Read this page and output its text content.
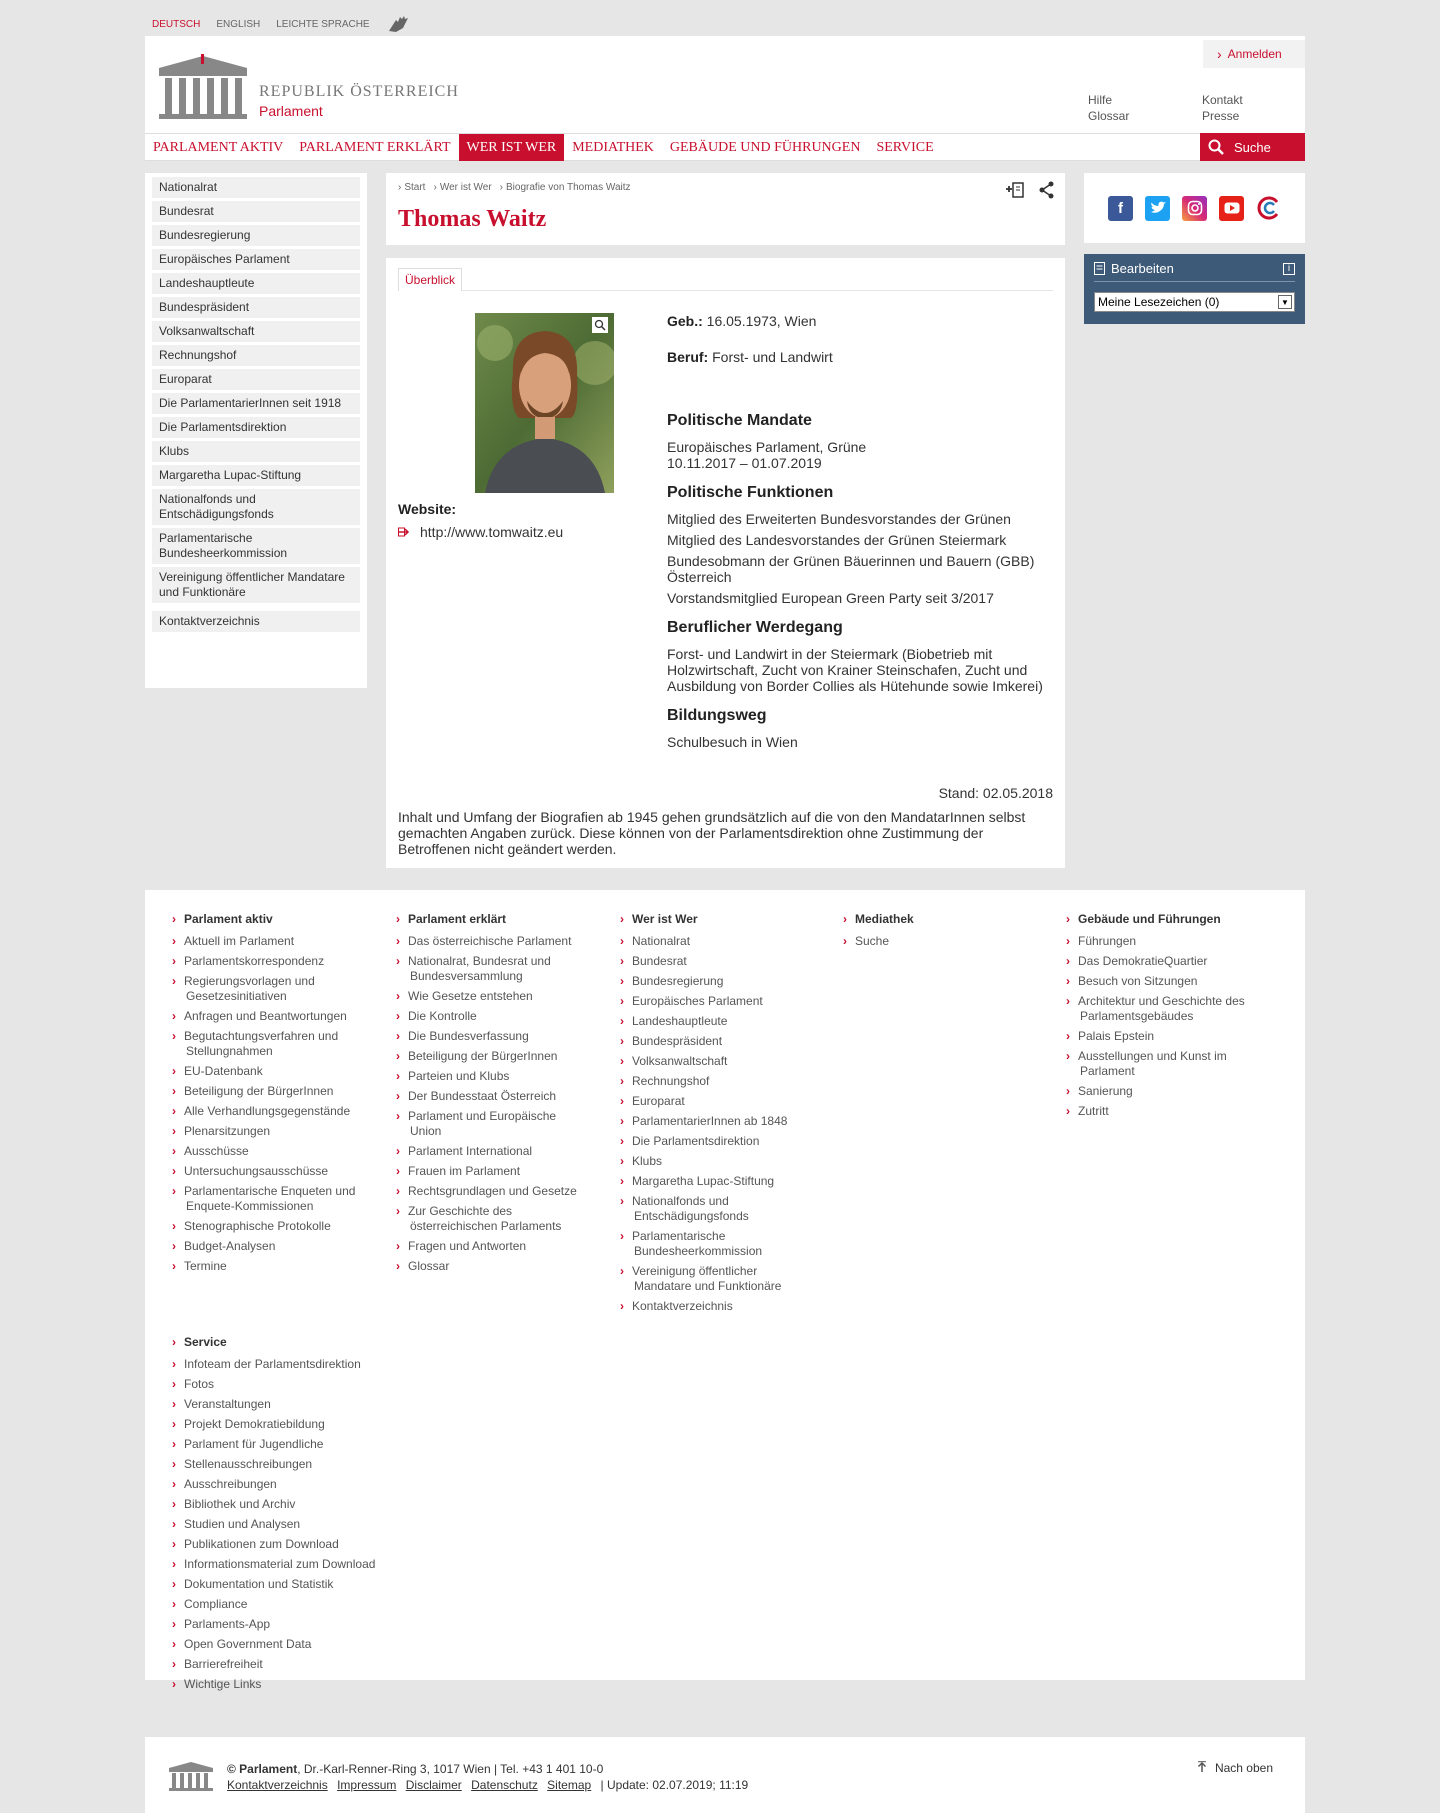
DEUTSCH ENGLISH LEICHTE SPRACHE
REPUBLIK ÖSTERREICH
Parlament
› Anmelden
Hilfe
Glossar
Kontakt
Presse
PARLAMENT AKTIV	PARLAMENT ERKLÄRT	WER IST WER	MEDIATHEK	GEBÄUDE UND FÜHRUNGEN	SERVICE	Suche
Nationalrat
Bundesrat
Bundesregierung
Europäisches Parlament
Landeshauptleute
Bundespräsident
Volksanwaltschaft
Rechnungshof
Europarat
Die ParlamentarierInnen seit 1918
Die Parlamentsdirektion
Klubs
Margaretha Lupac-Stiftung
Nationalfonds und Entschädigungsfonds
Parlamentarische Bundesheerkommission
Vereinigung öffentlicher Mandatare und Funktionäre
Kontaktverzeichnis
› Start	› Wer ist Wer	› Biografie von Thomas Waitz
Thomas Waitz
Überblick
Website:
http://www.tomwaitz.eu
Geb.: 16.05.1973, Wien
Beruf: Forst- und Landwirt
Politische Mandate
Europäisches Parlament, Grüne
10.11.2017 – 01.07.2019
Politische Funktionen
Mitglied des Erweiterten Bundesvorstandes der Grünen
Mitglied des Landesvorstandes der Grünen Steiermark
Bundesobmann der Grünen Bäuerinnen und Bauern (GBB) Österreich
Vorstandsmitglied European Green Party seit 3/2017
Beruflicher Werdegang
Forst- und Landwirt in der Steiermark (Biobetrieb mit Holzwirtschaft, Zucht von Krainer Steinschafen, Zucht und Ausbildung von Border Collies als Hütehunde sowie Imkerei)
Bildungsweg
Schulbesuch in Wien
Stand: 02.05.2018
Inhalt und Umfang der Biografien ab 1945 gehen grundsätzlich auf die von den MandatarInnen selbst gemachten Angaben zurück. Diese können von der Parlamentsdirektion ohne Zustimmung der Betroffenen nicht geändert werden.
f
Bearbeiten	i
Meine Lesezeichen (0)	▼
› Parlament aktiv
› Aktuell im Parlament
› Parlamentskorrespondenz
› Regierungsvorlagen und Gesetzesinitiativen
› Anfragen und Beantwortungen
› Begutachtungsverfahren und Stellungnahmen
› EU-Datenbank
› Beteiligung der BürgerInnen
› Alle Verhandlungsgegenstände
› Plenarsitzungen
› Ausschüsse
› Untersuchungsausschüsse
› Parlamentarische Enqueten und Enquete-Kommissionen
› Stenographische Protokolle
› Budget-Analysen
› Termine
› Parlament erklärt
› Das österreichische Parlament
› Nationalrat, Bundesrat und Bundesversammlung
› Wie Gesetze entstehen
› Die Kontrolle
› Die Bundesverfassung
› Beteiligung der BürgerInnen
› Parteien und Klubs
› Der Bundesstaat Österreich
› Parlament und Europäische Union
› Parlament International
› Frauen im Parlament
› Rechtsgrundlagen und Gesetze
› Zur Geschichte des österreichischen Parlaments
› Fragen und Antworten
› Glossar
› Wer ist Wer
› Nationalrat
› Bundesrat
› Bundesregierung
› Europäisches Parlament
› Landeshauptleute
› Bundespräsident
› Volksanwaltschaft
› Rechnungshof
› Europarat
› ParlamentarierInnen ab 1848
› Die Parlamentsdirektion
› Klubs
› Margaretha Lupac-Stiftung
› Nationalfonds und Entschädigungsfonds
› Parlamentarische Bundesheerkommission
› Vereinigung öffentlicher Mandatare und Funktionäre
› Kontaktverzeichnis
› Mediathek
› Suche
› Gebäude und Führungen
› Führungen
› Das DemokratieQuartier
› Besuch von Sitzungen
› Architektur und Geschichte des Parlamentsgebäudes
› Palais Epstein
› Ausstellungen und Kunst im Parlament
› Sanierung
› Zutritt
› Service
› Infoteam der Parlamentsdirektion
› Fotos
› Veranstaltungen
› Projekt Demokratiebildung
› Parlament für Jugendliche
› Stellenausschreibungen
› Ausschreibungen
› Bibliothek und Archiv
› Studien und Analysen
› Publikationen zum Download
› Informationsmaterial zum Download
› Dokumentation und Statistik
› Compliance
› Parlaments-App
› Open Government Data
› Barrierefreiheit
› Wichtige Links
© Parlament, Dr.-Karl-Renner-Ring 3, 1017 Wien | Tel. +43 1 401 10-0
Kontaktverzeichnis Impressum Disclaimer Datenschutz Sitemap | Update: 02.07.2019; 11:19
Nach oben
